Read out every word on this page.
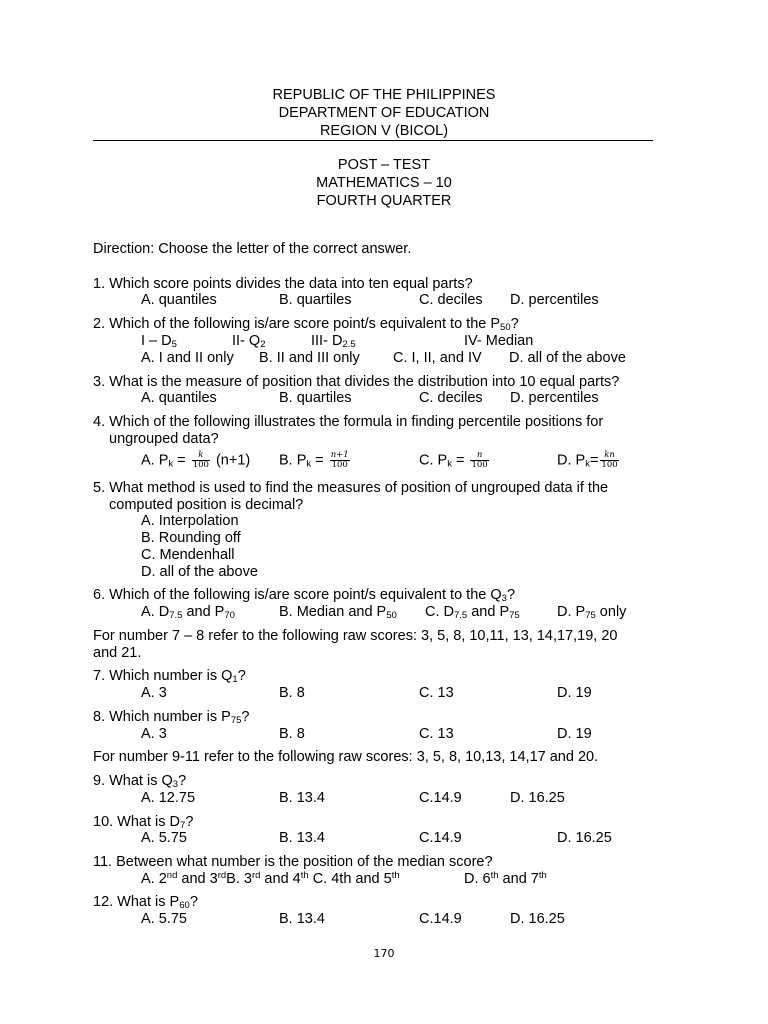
REPUBLIC OF THE PHILIPPINES
DEPARTMENT OF EDUCATION
REGION V (BICOL)
POST – TEST
MATHEMATICS – 10
FOURTH QUARTER
Direction: Choose the letter of the correct answer.
1. Which score points divides the data into ten equal parts?
A. quantiles	B. quartiles	C. deciles D. percentiles
2. Which of the following is/are score point/s equivalent to the $P_{50}$?
I – $D_5$	II- $Q_2$	III- $D_{2.5}$	IV- Median
A. I and II only B. II and III only C. I, II, and IV D. all of the above
3. What is the measure of position that divides the distribution into 10 equal parts?
A. quantiles	B. quartiles	C. deciles D. percentiles
4. Which of the following illustrates the formula in finding percentile positions for
ungrouped data?
A. $P_k = \frac{k}{100} (n+1)$ B. $P_k = \frac{n+1}{100}$	C. $P_k = \frac{n}{100}$	D. $P_k= \frac{kn}{100}$
5. What method is used to find the measures of position of ungrouped data if the
computed position is decimal?
A. Interpolation
B. Rounding off
C. Mendenhall
D. all of the above
6. Which of the following is/are score point/s equivalent to the $Q_3$?
A. $D_{7.5}$ and $P_{70}$	B. Median and $P_{50}$ C. $D_{7.5}$ and $P_{75}$	D. $P_{75}$ only
For number 7 – 8 refer to the following raw scores: 3, 5, 8, 10,11, 13, 14,17,19, 20
and 21.
7. Which number is $Q_1$?
A. 3	B. 8	C. 13	D. 19
8. Which number is $P_{75}$?
A. 3	B. 8	C. 13	D. 19
For number 9-11 refer to the following raw scores: 3, 5, 8, 10,13, 14,17 and 20.
9. What is $Q_3$?
A. 12.75	B. 13.4	C.14.9	D. 16.25
10. What is $D_7$?
A. 5.75	B. 13.4	C.14.9	D. 16.25
11. Between what number is the position of the median score?
A. 2nd and 3rdB. 3rd and 4th C. 4th and 5th	D. 6th and 7th
12. What is $P_{60}$?
A. 5.75	B. 13.4	C.14.9	D. 16.25
170
